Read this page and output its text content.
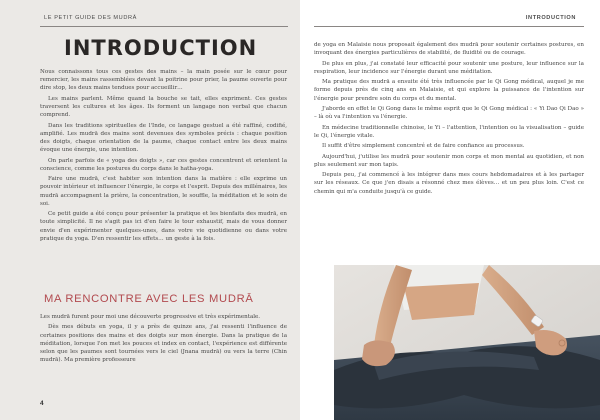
LE PETIT GUIDE DES MUDRĀ
INTRODUCTION

Nous connaissons tous ces gestes des mains – la main posée sur le cœur pour remercier, les mains rassemblées devant la poitrine pour prier, la paume ouverte pour dire stop, les deux mains tendues pour accueillir…

Les mains parlent. Même quand la bouche se tait, elles expriment. Ces gestes traversent les cultures et les âges. Ils forment un langage non verbal que chacun comprend.

Dans les traditions spirituelles de l'Inde, ce langage gestuel a été raffiné, codifié, amplifié. Les mudrā des mains sont devenues des symboles précis : chaque position des doigts, chaque orientation de la paume, chaque contact entre les deux mains évoque une énergie, une intention.

On parle parfois de « yoga des doigts », car ces gestes concentrent et orientent la conscience, comme les postures du corps dans le hatha-yoga.

Faire une mudrā, c'est habiter son intention dans la matière : elle exprime un pouvoir intérieur et influencer l'énergie, le corps et l'esprit. Depuis des millénaires, les mudrā accompagnent la prière, la concentration, le souffle, la méditation et le soin de soi.

Ce petit guide a été conçu pour présenter la pratique et les bienfaits des mudrā, en toute simplicité. Il ne s'agit pas ici d'en faire le tour exhaustif, mais de vous donner envie d'en expérimenter quelques-unes, dans votre vie quotidienne ou dans votre pratique du yoga. D'en ressentir les effets… un geste à la fois.

MA RENCONTRE AVEC LES MUDRĀ

Les mudrā furent pour moi une découverte progressive et très expérimentale.

Dès mes débuts en yoga, il y a près de quinze ans, j'ai ressenti l'influence de certaines positions des mains et des doigts sur mon énergie. Dans la pratique de la méditation, lorsque l'on met les pouces et index en contact, l'expérience est différente selon que les paumes sont tournées vers le ciel (Jnana mudrā) ou vers la terre (Chin mudrā). Ma première professeure

4
INTRODUCTION

de yoga en Malaisie nous proposait également des mudrā pour soutenir certaines postures, en invoquant des énergies particulières de stabilité, de fluidité ou de courage.

De plus en plus, j'ai constaté leur efficacité pour soutenir une posture, leur influence sur la respiration, leur incidence sur l'énergie durant une méditation.

Ma pratique des mudrā a ensuite été très influencée par le Qi Gong médical, auquel je me forme depuis près de cinq ans en Malaisie, et qui explore la puissance de l'intention sur l'énergie pour prendre soin du corps et du mental.

J'aborde en effet le Qi Gong dans le même esprit que le Qi Gong médical : « Yi Dao Qi Dao » – là où va l'intention va l'énergie.

En médecine traditionnelle chinoise, le Yi – l'attention, l'intention ou la visualisation – guide le Qi, l'énergie vitale.

Il suffit d'être simplement concentré et de faire confiance au processus.

Aujourd'hui, j'utilise les mudrā pour soutenir mon corps et mon mental au quotidien, et non plus seulement sur mon tapis.

Depuis peu, j'ai commencé à les intégrer dans mes cours hebdomadaires et à les partager sur les réseaux. Ce que j'en disais a résonné chez mes élèves… et un peu plus loin. C'est ce chemin qui m'a conduite jusqu'à ce guide.
